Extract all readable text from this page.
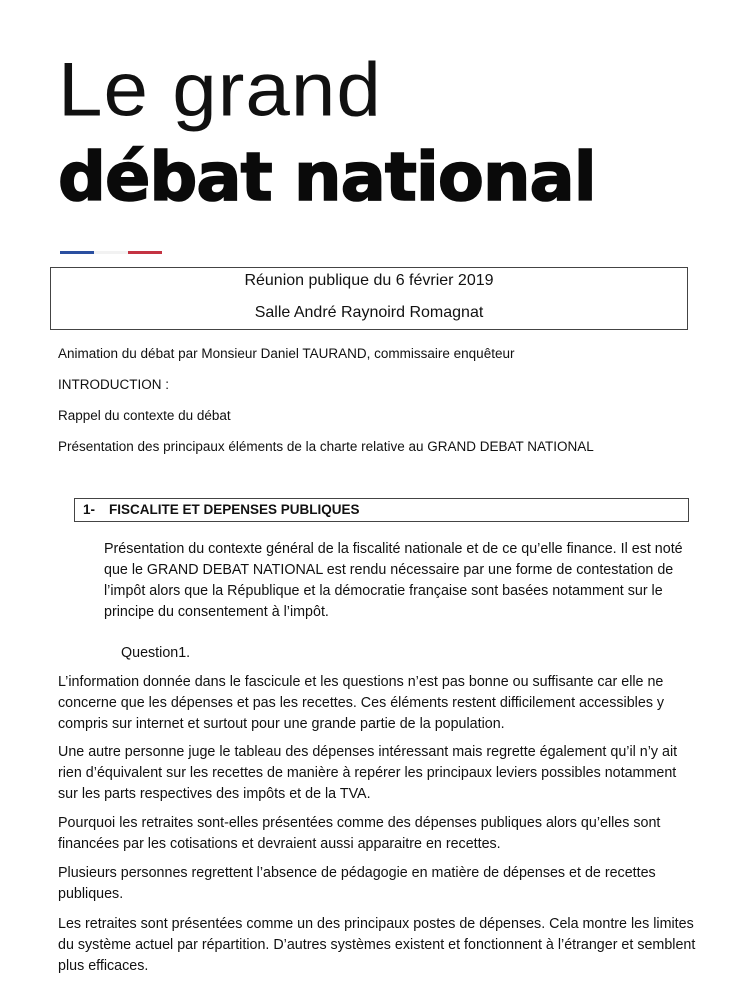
Le grand
débat national
Réunion publique du 6 février 2019
Salle André Raynoird Romagnat
Animation du débat par Monsieur Daniel TAURAND, commissaire enquêteur
INTRODUCTION :
Rappel du contexte du débat
Présentation des principaux éléments de la charte relative au GRAND DEBAT NATIONAL
1- FISCALITE ET DEPENSES PUBLIQUES
Présentation du contexte général de la fiscalité nationale et de ce qu’elle finance. Il est noté que le GRAND DEBAT NATIONAL est rendu nécessaire par une forme de contestation de l’impôt alors que la République et la démocratie française sont basées notamment sur le principe du consentement à l’impôt.
Question1.
L’information donnée dans le fascicule et les questions n’est pas bonne ou suffisante car elle ne concerne que les dépenses et pas les recettes. Ces éléments restent difficilement accessibles y compris sur internet et surtout pour une grande partie de la population.
Une autre personne juge le tableau des dépenses intéressant mais regrette également qu’il n’y ait rien d’équivalent sur les recettes de manière à repérer les principaux leviers possibles notamment sur les parts respectives des impôts et de la TVA.
Pourquoi les retraites sont-elles présentées comme des dépenses publiques alors qu’elles sont financées par les cotisations et devraient aussi apparaitre en recettes.
Plusieurs personnes regrettent l’absence de pédagogie en matière de dépenses et de recettes publiques.
Les retraites sont présentées comme un des principaux postes de dépenses. Cela montre les limites du système actuel par répartition. D’autres systèmes existent et fonctionnent à l’étranger et semblent plus efficaces.
